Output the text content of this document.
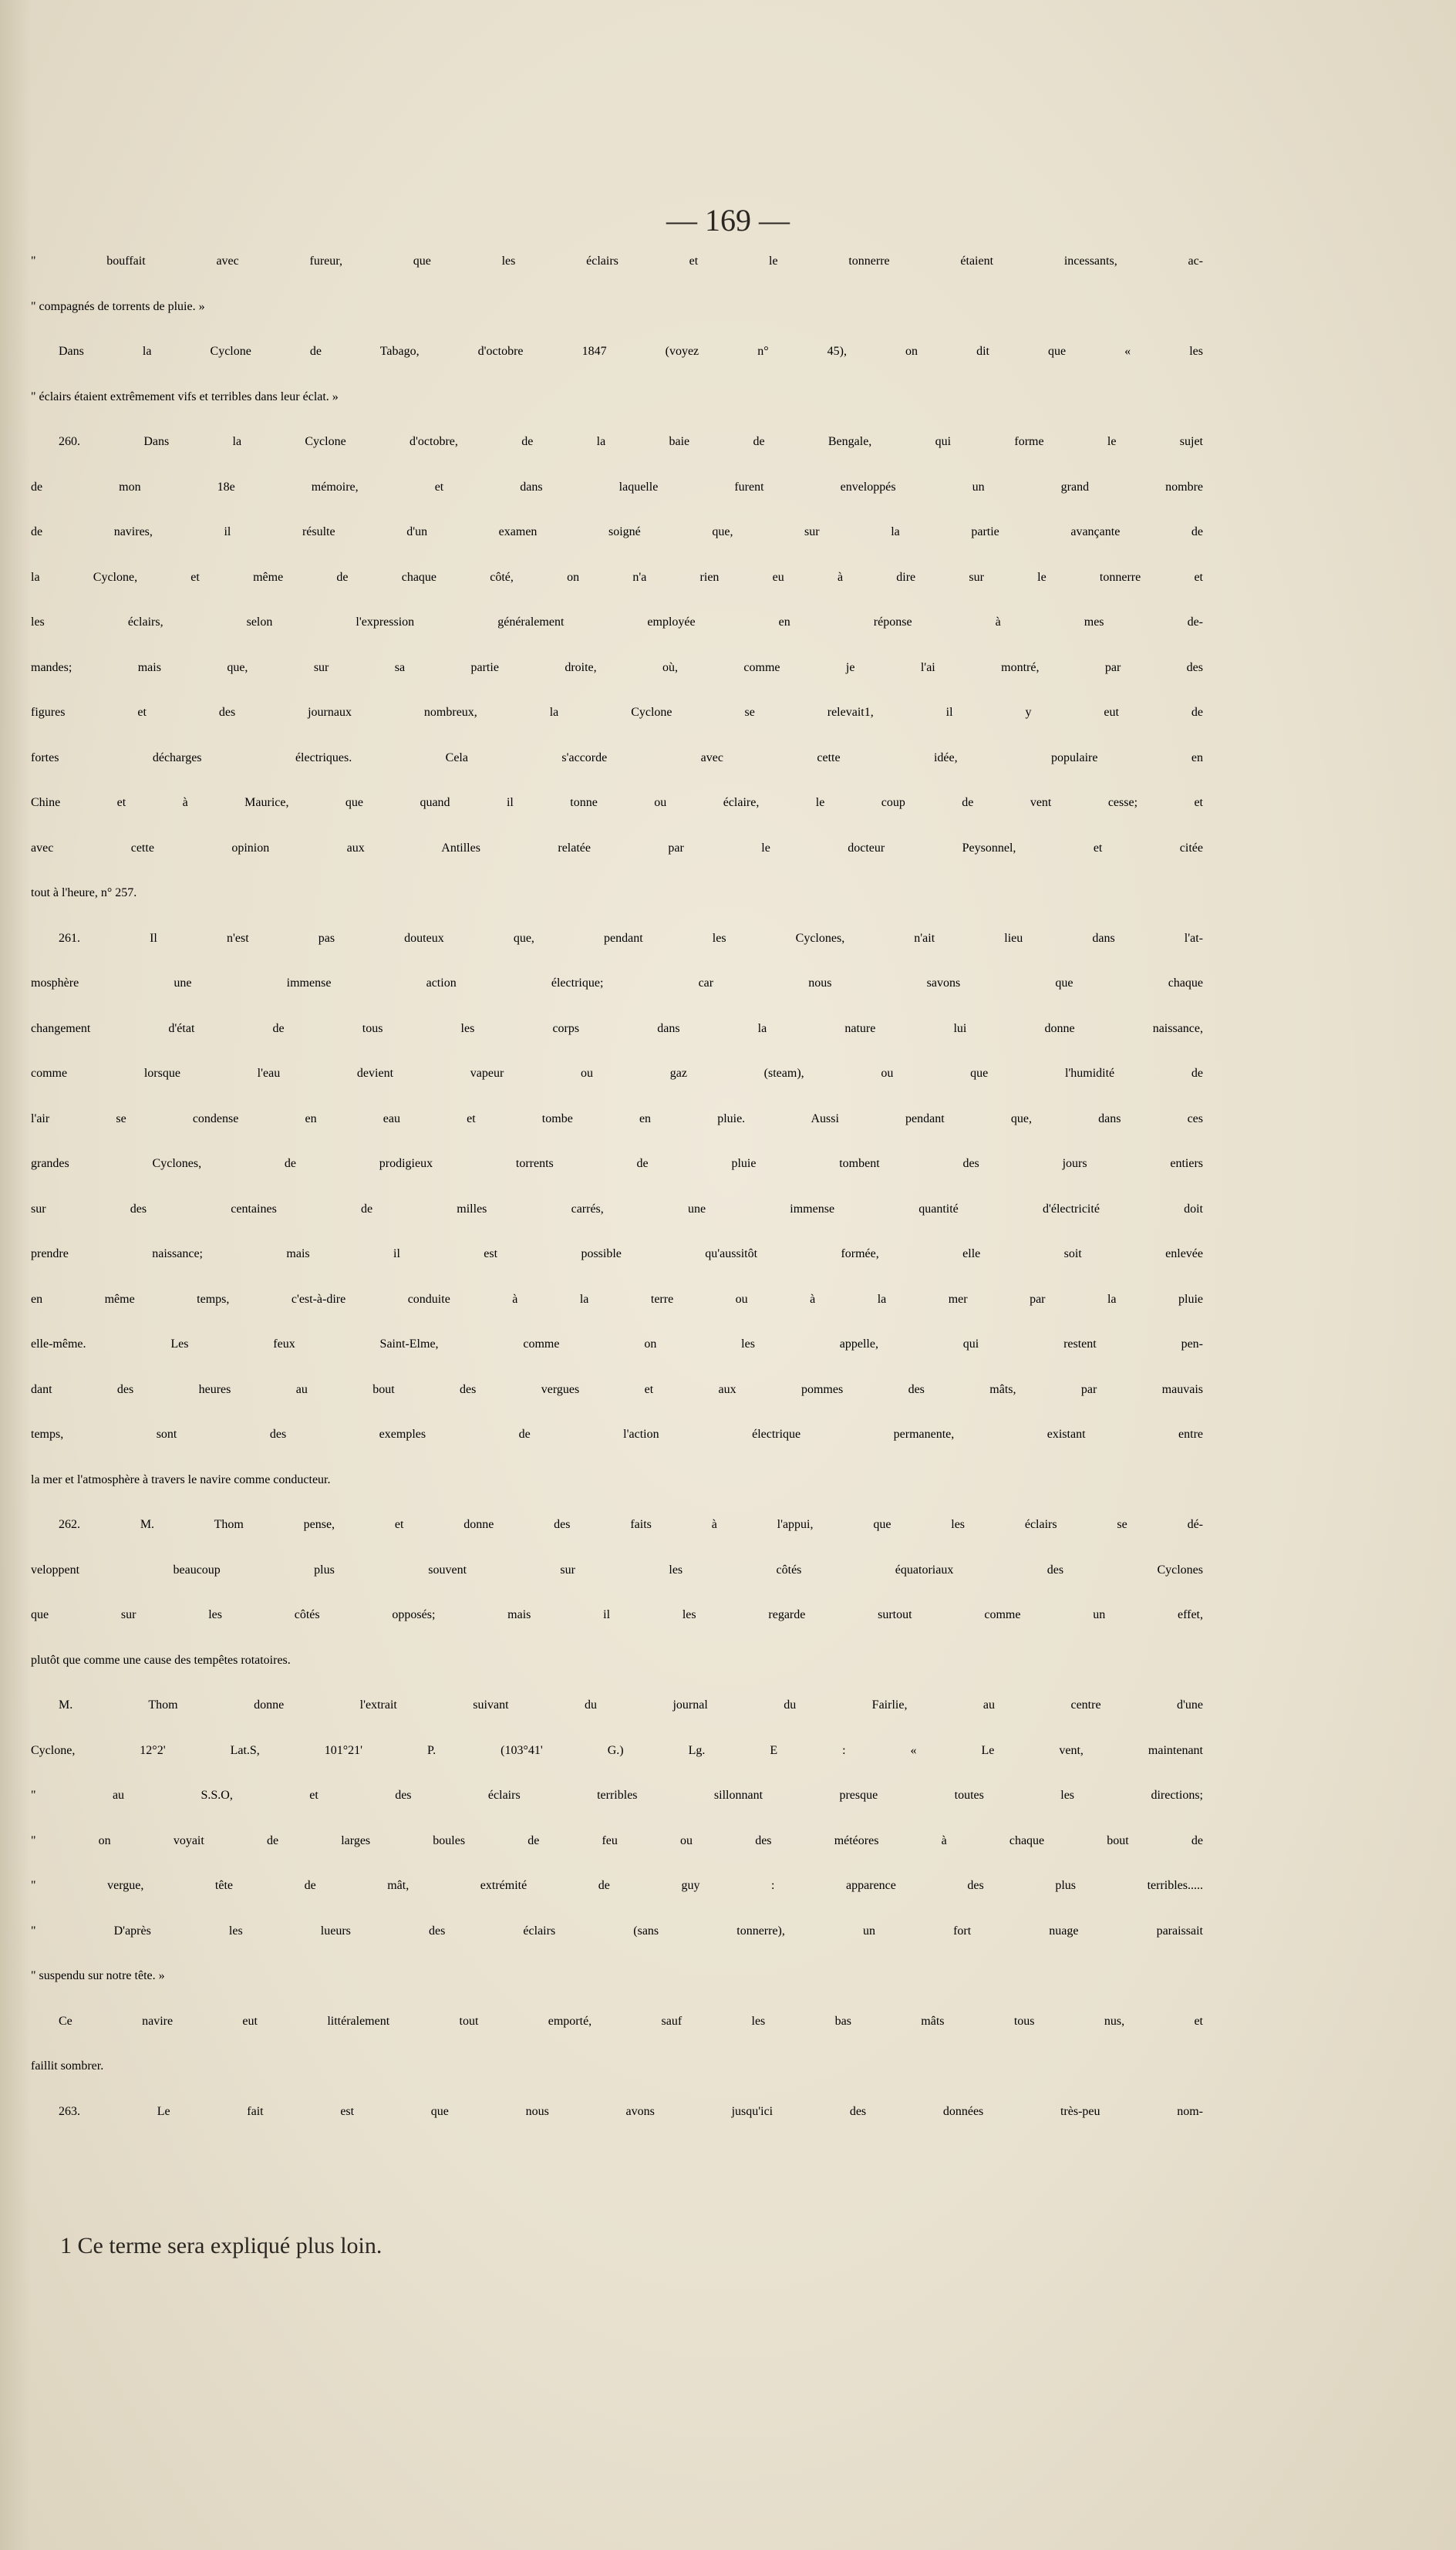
— 169 —
" bouffait avec fureur, que les éclairs et le tonnerre étaient incessants, ac-
" compagnés de torrents de pluie. »
Dans la Cyclone de Tabago, d'octobre 1847 (voyez n° 45), on dit que « les
" éclairs étaient extrêmement vifs et terribles dans leur éclat. »
260. Dans la Cyclone d'octobre, de la baie de Bengale, qui forme le sujet
de mon 18e mémoire, et dans laquelle furent enveloppés un grand nombre
de navires, il résulte d'un examen soigné que, sur la partie avançante de
la Cyclone, et même de chaque côté, on n'a rien eu à dire sur le tonnerre et
les éclairs, selon l'expression généralement employée en réponse à mes de-
mandes; mais que, sur sa partie droite, où, comme je l'ai montré, par des
figures et des journaux nombreux, la Cyclone se relevait1, il y eut de
fortes décharges électriques. Cela s'accorde avec cette idée, populaire en
Chine et à Maurice, que quand il tonne ou éclaire, le coup de vent cesse; et
avec cette opinion aux Antilles relatée par le docteur Peysonnel, et citée
tout à l'heure, n° 257.
261. Il n'est pas douteux que, pendant les Cyclones, n'ait lieu dans l'at-
mosphère une immense action électrique; car nous savons que chaque
changement d'état de tous les corps dans la nature lui donne naissance,
comme lorsque l'eau devient vapeur ou gaz (steam), ou que l'humidité de
l'air se condense en eau et tombe en pluie. Aussi pendant que, dans ces
grandes Cyclones, de prodigieux torrents de pluie tombent des jours entiers
sur des centaines de milles carrés, une immense quantité d'électricité doit
prendre naissance; mais il est possible qu'aussitôt formée, elle soit enlevée
en même temps, c'est-à-dire conduite à la terre ou à la mer par la pluie
elle-même. Les feux Saint-Elme, comme on les appelle, qui restent pen-
dant des heures au bout des vergues et aux pommes des mâts, par mauvais
temps, sont des exemples de l'action électrique permanente, existant entre
la mer et l'atmosphère à travers le navire comme conducteur.
262. M. Thom pense, et donne des faits à l'appui, que les éclairs se dé-
veloppent beaucoup plus souvent sur les côtés équatoriaux des Cyclones
que sur les côtés opposés; mais il les regarde surtout comme un effet,
plutôt que comme une cause des tempêtes rotatoires.
M. Thom donne l'extrait suivant du journal du Fairlie, au centre d'une
Cyclone, 12°2' Lat.S, 101°21' P. (103°41' G.) Lg. E : « Le vent, maintenant
" au S.S.O, et des éclairs terribles sillonnant presque toutes les directions;
" on voyait de larges boules de feu ou des météores à chaque bout de
" vergue, tête de mât, extrémité de guy : apparence des plus terribles.....
" D'après les lueurs des éclairs (sans tonnerre), un fort nuage paraissait
" suspendu sur notre tête. »
Ce navire eut littéralement tout emporté, sauf les bas mâts tous nus, et
faillit sombrer.
263. Le fait est que nous avons jusqu'ici des données très-peu nom-
1 Ce terme sera expliqué plus loin.
